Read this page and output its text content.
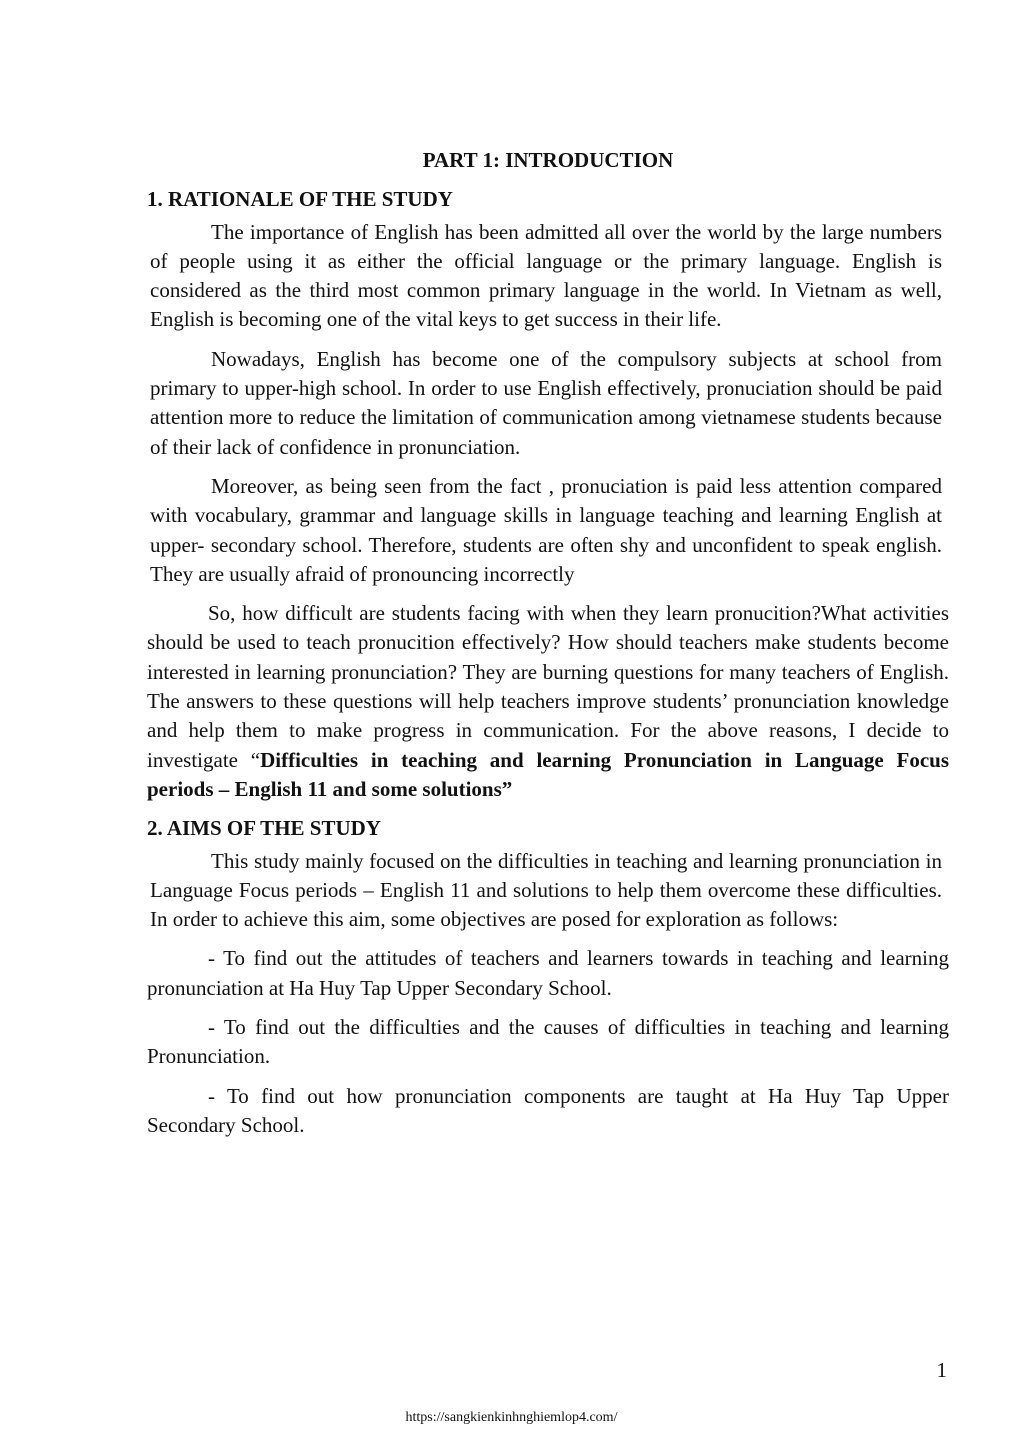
PART 1: INTRODUCTION
1. RATIONALE OF THE STUDY

The importance of English has been admitted all over the world by the large numbers of people using it as either the official language or the primary language. English is considered as the third most common primary language in the world. In Vietnam as well, English is becoming one of the vital keys to get success in their life.

Nowadays, English has become one of the compulsory subjects at school from primary to upper-high school. In order to use English effectively, pronuciation should be paid attention more to reduce the limitation of communication among vietnamese students because of their lack of confidence in pronunciation.

Moreover, as being seen from the fact , pronuciation is paid less attention compared with vocabulary, grammar and language skills in language teaching and learning English at upper- secondary school. Therefore, students are often shy and unconfident to speak english. They are usually afraid of pronouncing incorrectly

So, how difficult are students facing with when they learn pronucition?What activities should be used to teach pronucition effectively? How should teachers make students become interested in learning pronunciation? They are burning questions for many teachers of English. The answers to these questions will help teachers improve students’ pronunciation knowledge and help them to make progress in communication. For the above reasons, I decide to investigate “Difficulties in teaching and learning Pronunciation in Language Focus periods – English 11 and some solutions”

2. AIMS OF THE STUDY

This study mainly focused on the difficulties in teaching and learning pronunciation in Language Focus periods – English 11 and solutions to help them overcome these difficulties. In order to achieve this aim, some objectives are posed for exploration as follows:

- To find out the attitudes of teachers and learners towards in teaching and learning pronunciation at Ha Huy Tap Upper Secondary School.

- To find out the difficulties and the causes of difficulties in teaching and learning Pronunciation.

- To find out how pronunciation components are taught at Ha Huy Tap Upper Secondary School.

1
https://sangkienkinhnghiemlop4.com/
